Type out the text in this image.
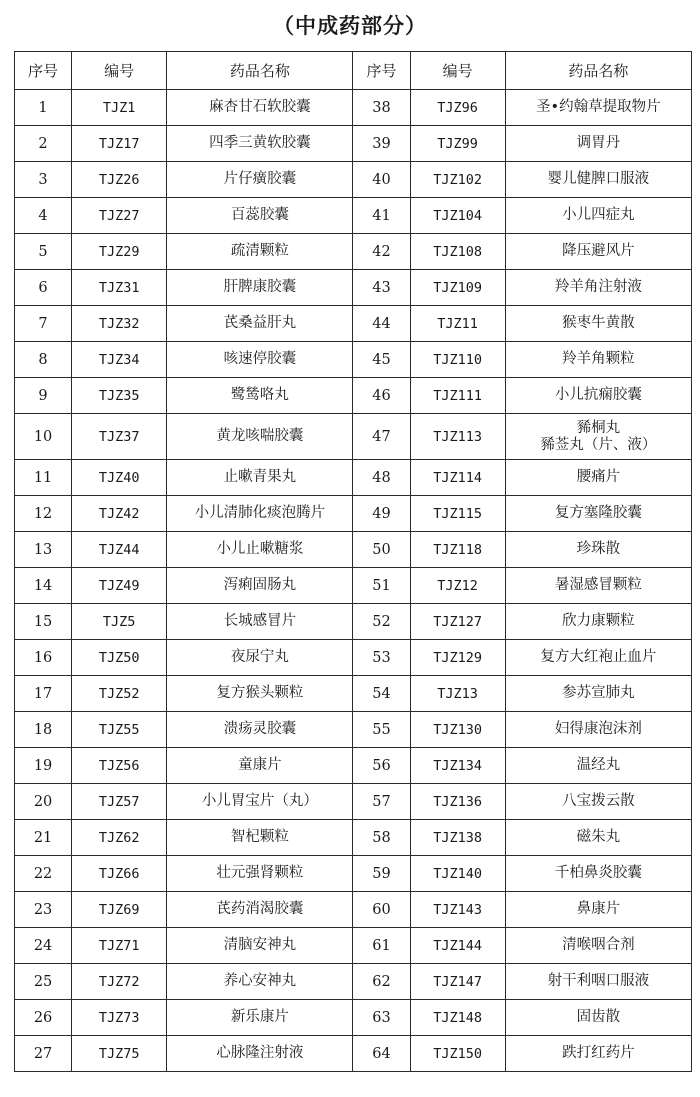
（中成药部分）
序号	编号	药品名称	序号	编号	药品名称
1	TJZ1	麻杏甘石软胶囊	38	TJZ96	圣•约翰草提取物片

2	TJZ17	四季三黄软胶囊	39	TJZ99	调胃丹

3	TJZ26	片仔癀胶囊	40	TJZ102	婴儿健脾口服液

4	TJZ27	百蕊胶囊	41	TJZ104	小儿四症丸

5	TJZ29	疏清颗粒	42	TJZ108	降压避风片

6	TJZ31	肝脾康胶囊	43	TJZ109	羚羊角注射液

7	TJZ32	芪桑益肝丸	44	TJZ11	猴枣牛黄散

8	TJZ34	咳速停胶囊	45	TJZ110	羚羊角颗粒

9	TJZ35	鹭鸶咯丸	46	TJZ111	小儿抗痫胶囊

10	TJZ37	黄龙咳喘胶囊	47	TJZ113	豨桐丸
豨莶丸（片、液）

11	TJZ40	止嗽青果丸	48	TJZ114	腰痛片

12	TJZ42	小儿清肺化痰泡腾片	49	TJZ115	复方塞隆胶囊

13	TJZ44	小儿止嗽糖浆	50	TJZ118	珍珠散

14	TJZ49	泻痢固肠丸	51	TJZ12	暑湿感冒颗粒

15	TJZ5	长城感冒片	52	TJZ127	欣力康颗粒

16	TJZ50	夜尿宁丸	53	TJZ129	复方大红袍止血片

17	TJZ52	复方猴头颗粒	54	TJZ13	参苏宣肺丸

18	TJZ55	溃疡灵胶囊	55	TJZ130	妇得康泡沫剂

19	TJZ56	童康片	56	TJZ134	温经丸

20	TJZ57	小儿胃宝片（丸）	57	TJZ136	八宝拨云散

21	TJZ62	智杞颗粒	58	TJZ138	磁朱丸

22	TJZ66	壮元强肾颗粒	59	TJZ140	千柏鼻炎胶囊

23	TJZ69	芪药消渴胶囊	60	TJZ143	鼻康片

24	TJZ71	清脑安神丸	61	TJZ144	清喉咽合剂

25	TJZ72	养心安神丸	62	TJZ147	射干利咽口服液

26	TJZ73	新乐康片	63	TJZ148	固齿散

27	TJZ75	心脉隆注射液	64	TJZ150	跌打红药片
